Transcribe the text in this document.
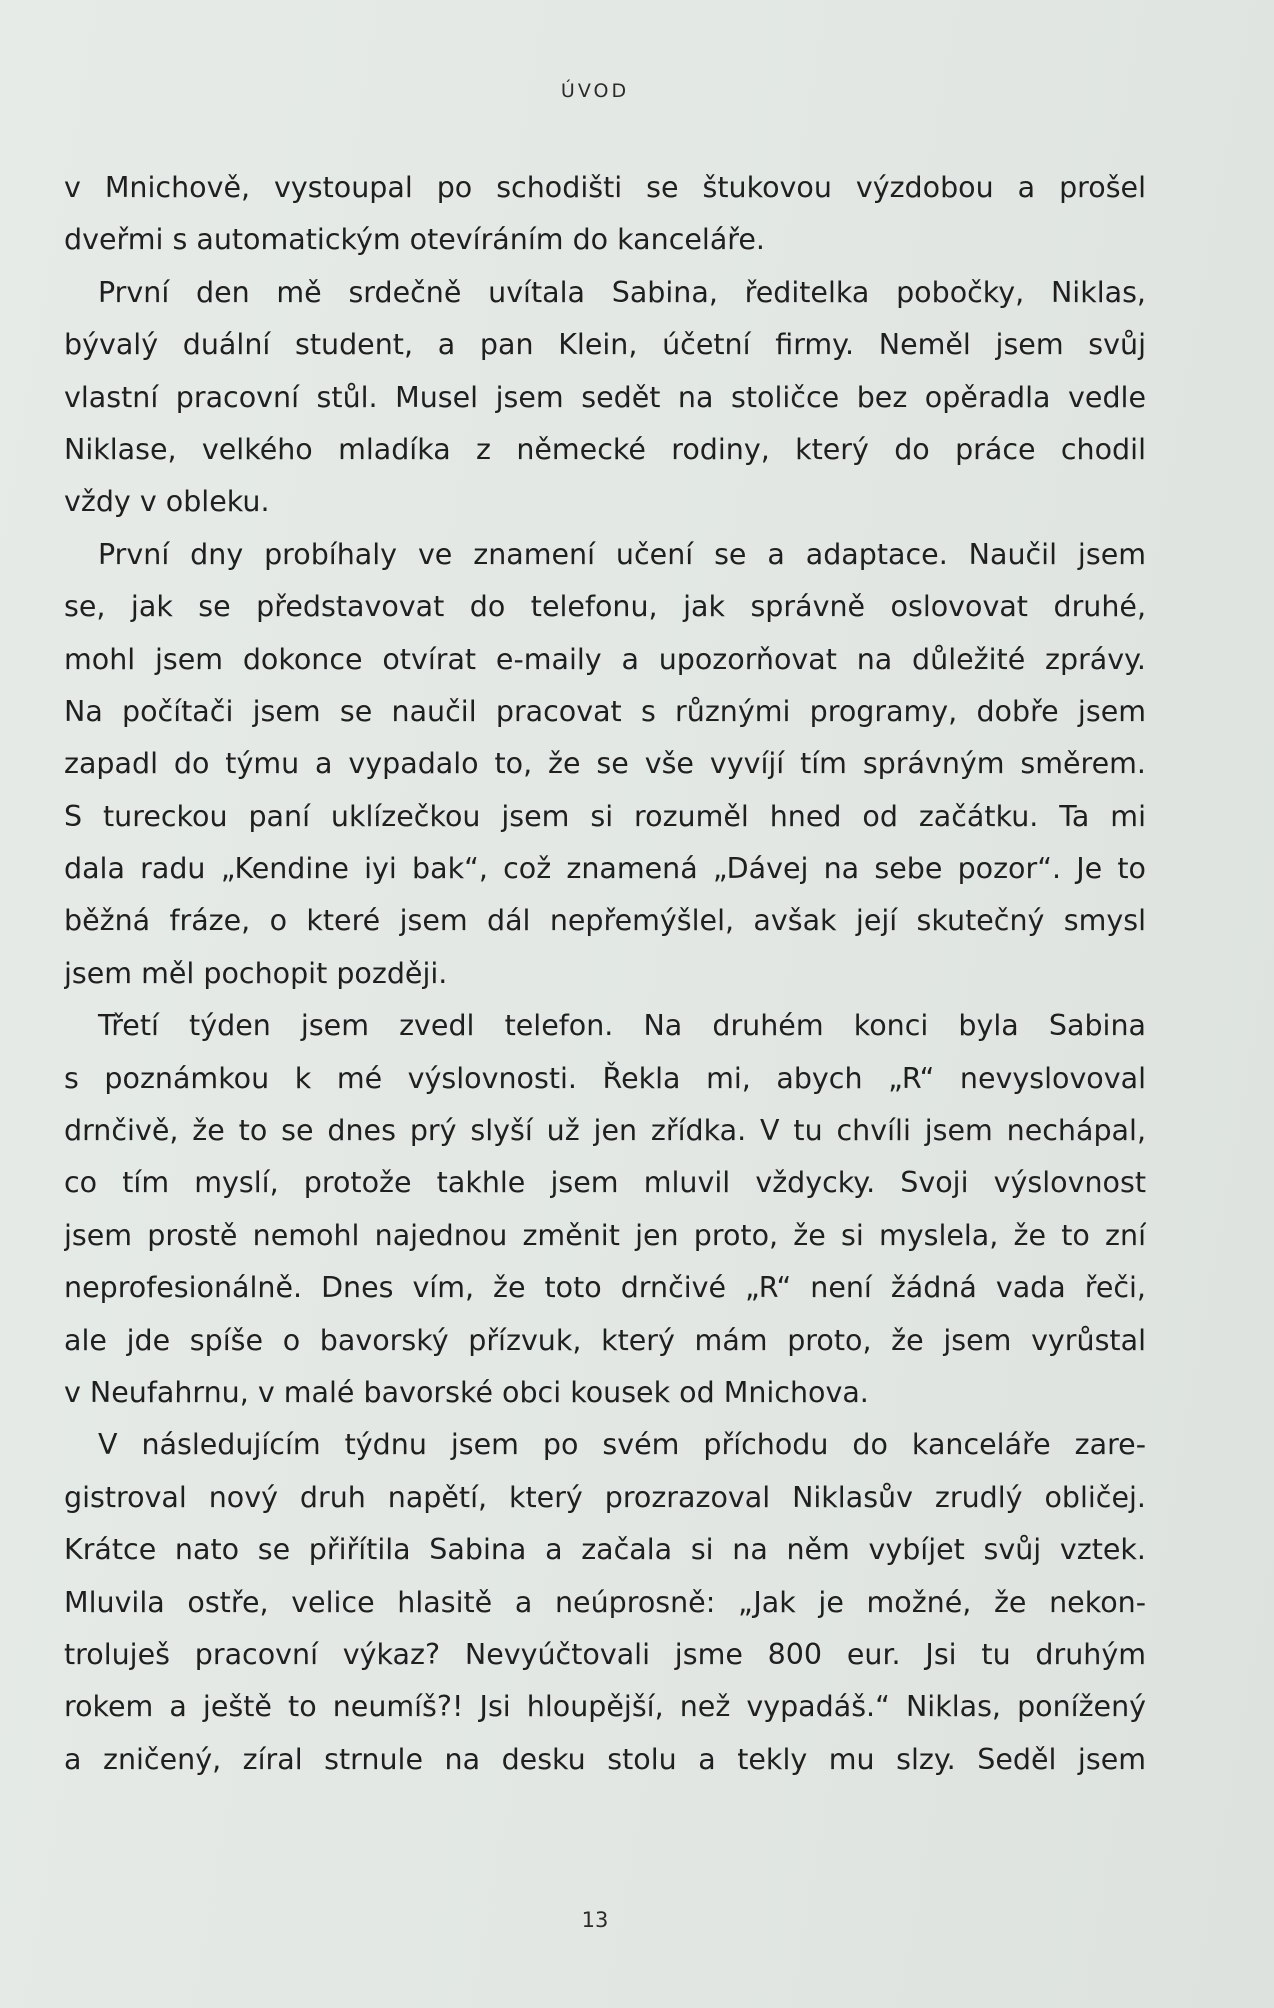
ÚVOD
v Mnichově, vystoupal po schodišti se štukovou výzdobou a prošel
dveřmi s automatickým otevíráním do kanceláře.
První den mě srdečně uvítala Sabina, ředitelka pobočky, Niklas,
bývalý duální student, a pan Klein, účetní firmy. Neměl jsem svůj
vlastní pracovní stůl. Musel jsem sedět na stoličce bez opěradla vedle
Niklase, velkého mladíka z německé rodiny, který do práce chodil
vždy v obleku.
První dny probíhaly ve znamení učení se a adaptace. Naučil jsem
se, jak se představovat do telefonu, jak správně oslovovat druhé,
mohl jsem dokonce otvírat e-maily a upozorňovat na důležité zprávy.
Na počítači jsem se naučil pracovat s různými programy, dobře jsem
zapadl do týmu a vypadalo to, že se vše vyvíjí tím správným směrem.
S tureckou paní uklízečkou jsem si rozuměl hned od začátku. Ta mi
dala radu „Kendine iyi bak“, což znamená „Dávej na sebe pozor“. Je to
běžná fráze, o které jsem dál nepřemýšlel, avšak její skutečný smysl
jsem měl pochopit později.
Třetí týden jsem zvedl telefon. Na druhém konci byla Sabina
s poznámkou k mé výslovnosti. Řekla mi, abych „R“ nevyslovoval
drnčivě, že to se dnes prý slyší už jen zřídka. V tu chvíli jsem nechápal,
co tím myslí, protože takhle jsem mluvil vždycky. Svoji výslovnost
jsem prostě nemohl najednou změnit jen proto, že si myslela, že to zní
neprofesionálně. Dnes vím, že toto drnčivé „R“ není žádná vada řeči,
ale jde spíše o bavorský přízvuk, který mám proto, že jsem vyrůstal
v Neufahrnu, v malé bavorské obci kousek od Mnichova.
V následujícím týdnu jsem po svém příchodu do kanceláře zare-
gistroval nový druh napětí, který prozrazoval Niklasův zrudlý obličej.
Krátce nato se přiřítila Sabina a začala si na něm vybíjet svůj vztek.
Mluvila ostře, velice hlasitě a neúprosně: „Jak je možné, že nekon-
troluješ pracovní výkaz? Nevyúčtovali jsme 800 eur. Jsi tu druhým
rokem a ještě to neumíš?! Jsi hloupější, než vypadáš.“ Niklas, ponížený
a zničený, zíral strnule na desku stolu a tekly mu slzy. Seděl jsem
13
